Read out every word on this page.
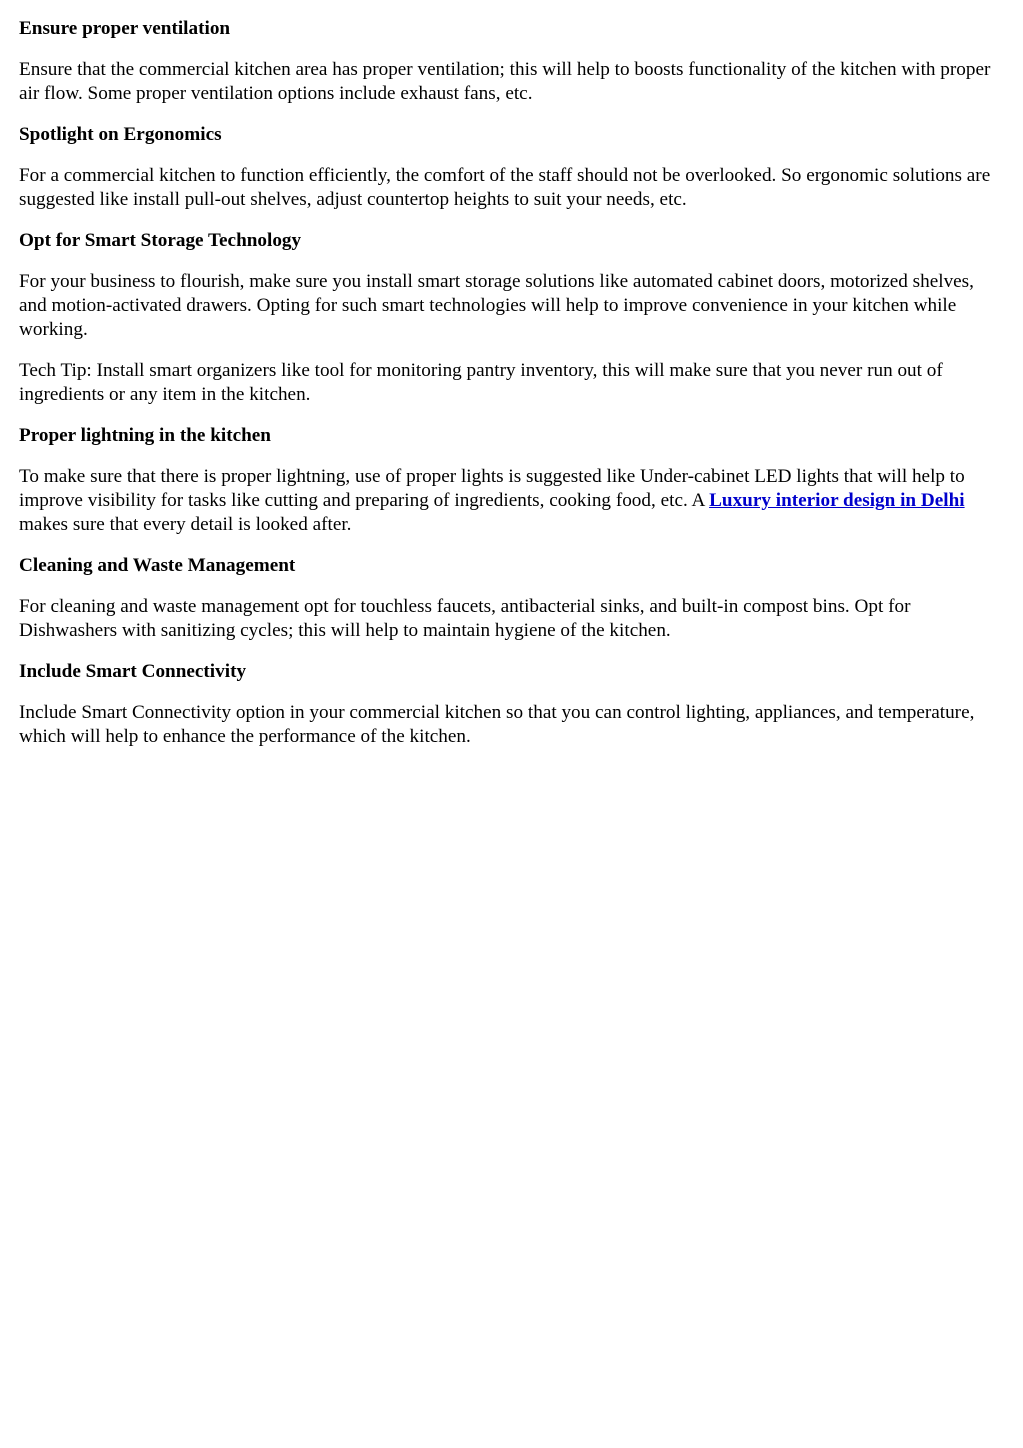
Ensure proper ventilation
Ensure that the commercial kitchen area has proper ventilation; this will help to boosts functionality of the kitchen with proper air flow. Some proper ventilation options include exhaust fans, etc.
Spotlight on Ergonomics
For a commercial kitchen to function efficiently, the comfort of the staff should not be overlooked. So ergonomic solutions are suggested like install pull-out shelves, adjust countertop heights to suit your needs, etc.
Opt for Smart Storage Technology
For your business to flourish, make sure you install smart storage solutions like automated cabinet doors, motorized shelves, and motion-activated drawers. Opting for such smart technologies will help to improve convenience in your kitchen while working.
Tech Tip: Install smart organizers like tool for monitoring pantry inventory, this will make sure that you never run out of ingredients or any item in the kitchen.
Proper lightning in the kitchen
To make sure that there is proper lightning, use of proper lights is suggested like Under-cabinet LED lights that will help to improve visibility for tasks like cutting and preparing of ingredients, cooking food, etc. A Luxury interior design in Delhi makes sure that every detail is looked after.
Cleaning and Waste Management
For cleaning and waste management opt for touchless faucets, antibacterial sinks, and built-in compost bins. Opt for Dishwashers with sanitizing cycles; this will help to maintain hygiene of the kitchen.
Include Smart Connectivity
Include Smart Connectivity option in your commercial kitchen so that you can control lighting, appliances, and temperature, which will help to enhance the performance of the kitchen.
